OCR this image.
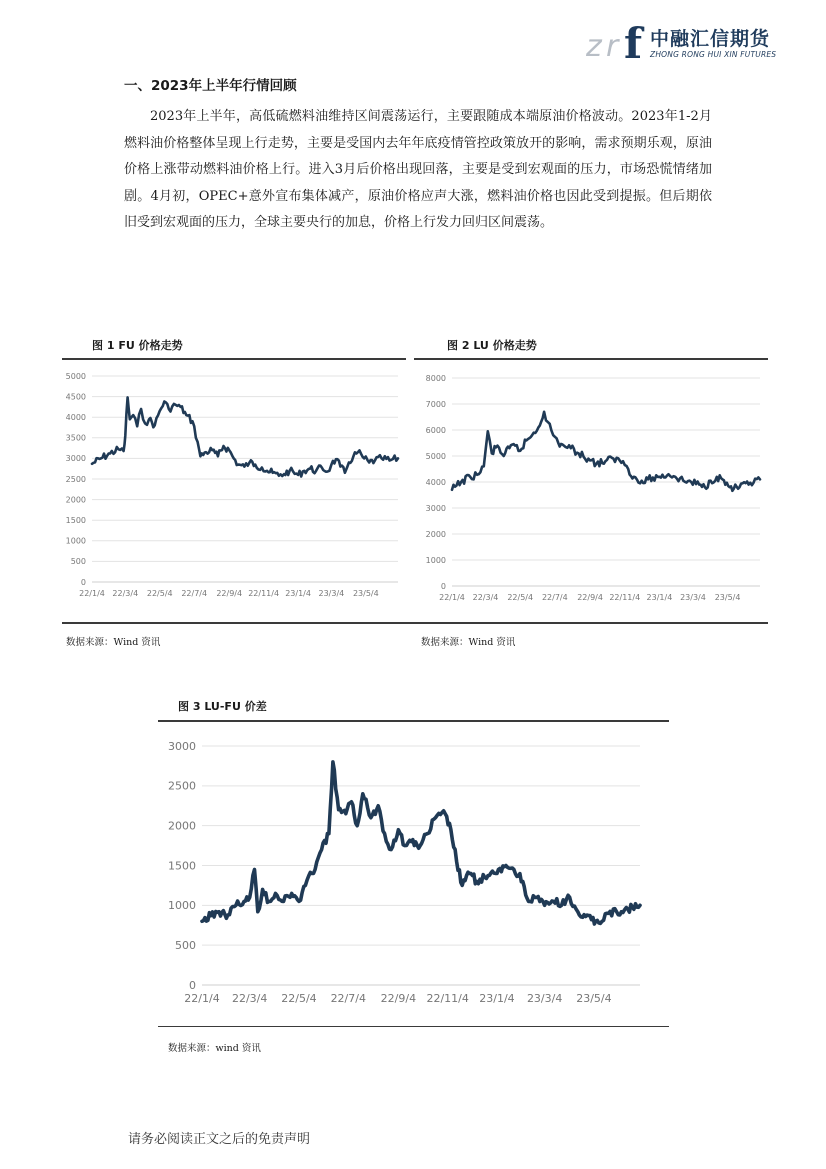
z r f 中融汇信期货
ZHONG RONG HUI XIN FUTURES
一、2023年上半年行情回顾

2023年上半年，高低硫燃料油维持区间震荡运行，主要跟随成本端原油价格波动。2023年1-2月燃料油价格整体呈现上行走势，主要是受国内去年年底疫情管控政策放开的影响，需求预期乐观，原油价格上涨带动燃料油价格上行。进入3月后价格出现回落，主要是受到宏观面的压力，市场恐慌情绪加剧。4月初，OPEC+意外宣布集体减产，原油价格应声大涨，燃料油价格也因此受到提振。但后期依旧受到宏观面的压力，全球主要央行的加息，价格上行发力回归区间震荡。

图 1 FU 价格走势
0
500
1000
1500
2000
2500
3000
3500
4000
4500
5000
22/1/4 22/3/4 22/5/4 22/7/4 22/9/4 22/11/4 23/1/4 23/3/4 23/5/4
数据来源：Wind 资讯
图 2 LU 价格走势
0
1000
2000
3000
4000
5000
6000
7000
8000
22/1/4 22/3/4 22/5/4 22/7/4 22/9/4 22/11/4 23/1/4 23/3/4 23/5/4
数据来源：Wind 资讯
图 3 LU-FU 价差
0
500
1000
1500
2000
2500
3000
22/1/4 22/3/4 22/5/4 22/7/4 22/9/4 22/11/4 23/1/4 23/3/4 23/5/4
数据来源：wind 资讯
请务必阅读正文之后的免责声明
